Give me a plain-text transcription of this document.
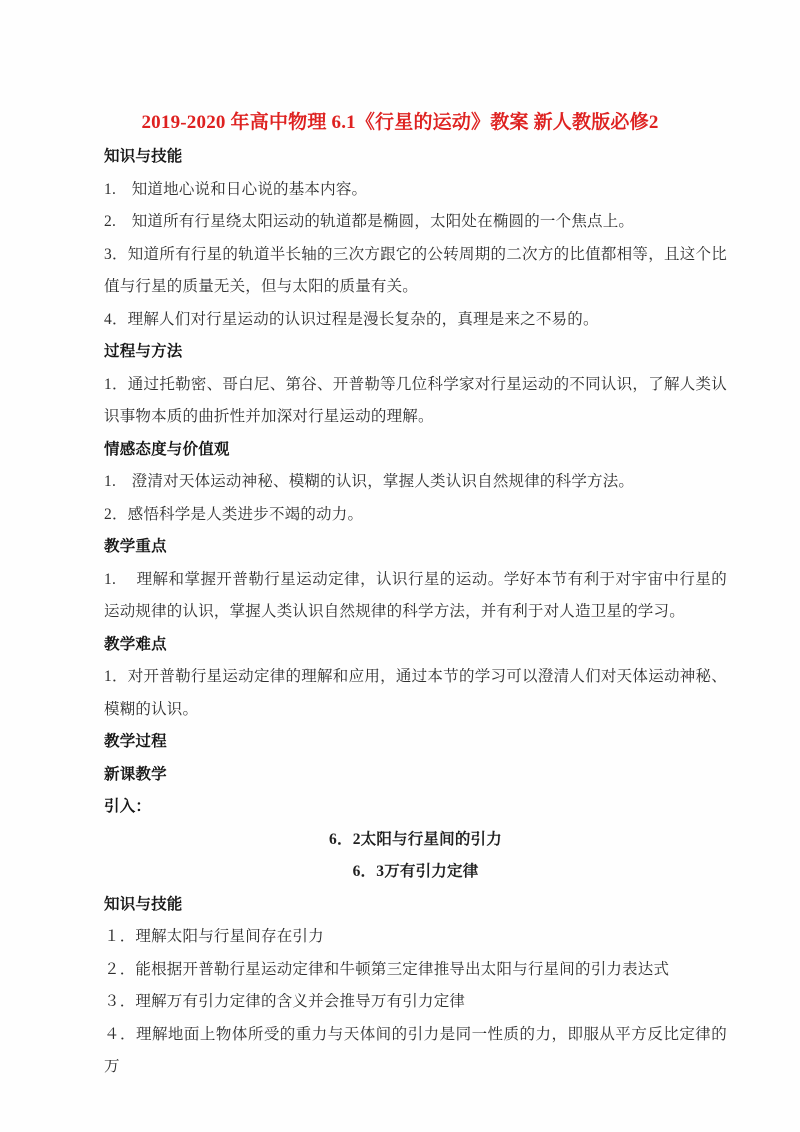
2019-2020 年高中物理 6.1《行星的运动》教案 新人教版必修2

知识与技能

1.　知道地心说和日心说的基本内容。

2.　知道所有行星绕太阳运动的轨道都是椭圆，太阳处在椭圆的一个焦点上。

3．知道所有行星的轨道半长轴的三次方跟它的公转周期的二次方的比值都相等，且这个比值与行星的质量无关，但与太阳的质量有关。

4．理解人们对行星运动的认识过程是漫长复杂的，真理是来之不易的。

过程与方法

1．通过托勒密、哥白尼、第谷、开普勒等几位科学家对行星运动的不同认识，了解人类认识事物本质的曲折性并加深对行星运动的理解。

情感态度与价值观

1.　澄清对天体运动神秘、模糊的认识，掌握人类认识自然规律的科学方法。

2．感悟科学是人类进步不竭的动力。

教学重点

1.　 理解和掌握开普勒行星运动定律，认识行星的运动。学好本节有利于对宇宙中行星的运动规律的认识，掌握人类认识自然规律的科学方法，并有利于对人造卫星的学习。

教学难点

1．对开普勒行星运动定律的理解和应用，通过本节的学习可以澄清人们对天体运动神秘、模糊的认识。

教学过程

新课教学

引入：

6．2太阳与行星间的引力

6．3万有引力定律

知识与技能

１．理解太阳与行星间存在引力

２．能根据开普勒行星运动定律和牛顿第三定律推导出太阳与行星间的引力表达式

３．理解万有引力定律的含义并会推导万有引力定律

４．理解地面上物体所受的重力与天体间的引力是同一性质的力，即服从平方反比定律的万
